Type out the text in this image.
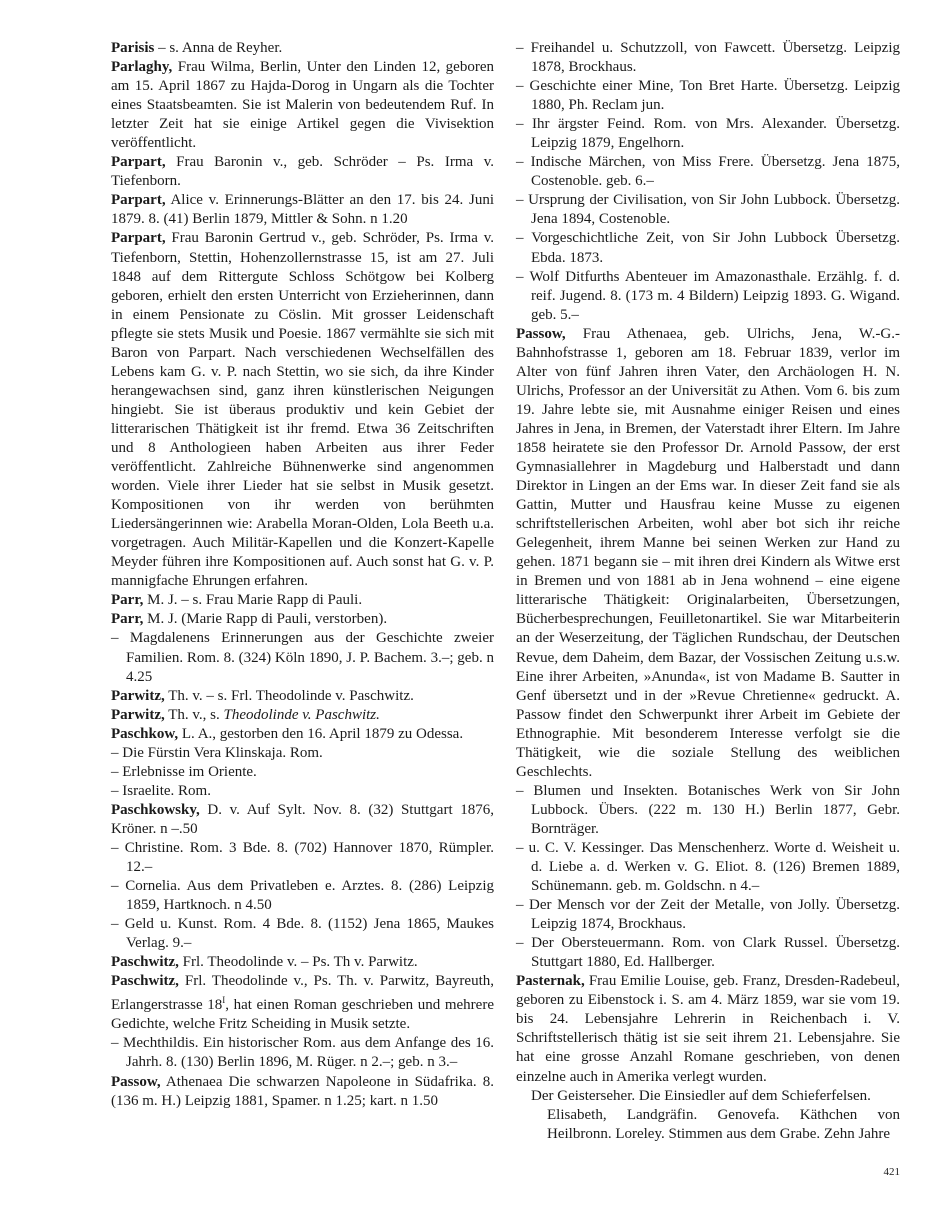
Parisis – s. Anna de Reyher.
Parlaghy, Frau Wilma, Berlin, Unter den Linden 12, geboren am 15. April 1867 zu Hajda-Dorog in Ungarn als die Tochter eines Staatsbeamten. Sie ist Malerin von bedeutendem Ruf. In letzter Zeit hat sie einige Artikel gegen die Vivisektion veröffentlicht.
Parpart, Frau Baronin v., geb. Schröder – Ps. Irma v. Tiefenborn.
Parpart, Alice v. Erinnerungs-Blätter an den 17. bis 24. Juni 1879. 8. (41) Berlin 1879, Mittler & Sohn. n 1.20
Parpart, Frau Baronin Gertrud v., geb. Schröder, Ps. Irma v. Tiefenborn, Stettin, Hohenzollernstrasse 15, ist am 27. Juli 1848 auf dem Rittergute Schloss Schötgow bei Kolberg geboren, erhielt den ersten Unterricht von Erzieherinnen, dann in einem Pensionate zu Cöslin. Mit grosser Leidenschaft pflegte sie stets Musik und Poesie. 1867 vermählte sie sich mit Baron von Parpart. Nach verschiedenen Wechselfällen des Lebens kam G. v. P. nach Stettin, wo sie sich, da ihre Kinder herangewachsen sind, ganz ihren künstlerischen Neigungen hingiebt. Sie ist überaus produktiv und kein Gebiet der litterarischen Thätigkeit ist ihr fremd. Etwa 36 Zeitschriften und 8 Anthologieen haben Arbeiten aus ihrer Feder veröffentlicht. Zahlreiche Bühnenwerke sind angenommen worden. Viele ihrer Lieder hat sie selbst in Musik gesetzt. Kompositionen von ihr werden von berühmten Liedersängerinnen wie: Arabella Moran-Olden, Lola Beeth u.a. vorgetragen. Auch Militär-Kapellen und die Konzert-Kapelle Meyder führen ihre Kompositionen auf. Auch sonst hat G. v. P. mannigfache Ehrungen erfahren.
Parr, M. J. – s. Frau Marie Rapp di Pauli.
Parr, M. J. (Marie Rapp di Pauli, verstorben).
– Magdalenens Erinnerungen aus der Geschichte zweier Familien. Rom. 8. (324) Köln 1890, J. P. Bachem. 3.–; geb. n 4.25
Parwitz, Th. v. – s. Frl. Theodolinde v. Paschwitz.
Parwitz, Th. v., s. Theodolinde v. Paschwitz.
Paschkow, L. A., gestorben den 16. April 1879 zu Odessa.
– Die Fürstin Vera Klinskaja. Rom.
– Erlebnisse im Oriente.
– Israelite. Rom.
Paschkowsky, D. v. Auf Sylt. Nov. 8. (32) Stuttgart 1876, Kröner. n –.50
– Christine. Rom. 3 Bde. 8. (702) Hannover 1870, Rümpler. 12.–
– Cornelia. Aus dem Privatleben e. Arztes. 8. (286) Leipzig 1859, Hartknoch. n 4.50
– Geld u. Kunst. Rom. 4 Bde. 8. (1152) Jena 1865, Maukes Verlag. 9.–
Paschwitz, Frl. Theodolinde v. – Ps. Th v. Parwitz.
Paschwitz, Frl. Theodolinde v., Ps. Th. v. Parwitz, Bayreuth, Erlangerstrasse $18^I$, hat einen Roman geschrieben und mehrere Gedichte, welche Fritz Scheiding in Musik setzte.
– Mechthildis. Ein historischer Rom. aus dem Anfange des 16. Jahrh. 8. (130) Berlin 1896, M. Rüger. n 2.–; geb. n 3.–
Passow, Athenaea Die schwarzen Napoleone in Südafrika. 8. (136 m. H.) Leipzig 1881, Spamer. n 1.25; kart. n 1.50
– Freihandel u. Schutzzoll, von Fawcett. Übersetzg. Leipzig 1878, Brockhaus.
– Geschichte einer Mine, Ton Bret Harte. Übersetzg. Leipzig 1880, Ph. Reclam jun.
– Ihr ärgster Feind. Rom. von Mrs. Alexander. Übersetzg. Leipzig 1879, Engelhorn.
– Indische Märchen, von Miss Frere. Übersetzg. Jena 1875, Costenoble. geb. 6.–
– Ursprung der Civilisation, von Sir John Lubbock. Übersetzg. Jena 1894, Costenoble.
– Vorgeschichtliche Zeit, von Sir John Lubbock Übersetzg. Ebda. 1873.
– Wolf Ditfurths Abenteuer im Amazonasthale. Erzählg. f. d. reif. Jugend. 8. (173 m. 4 Bildern) Leipzig 1893. G. Wigand. geb. 5.–
Passow, Frau Athenaea, geb. Ulrichs, Jena, W.-G.-Bahnhofstrasse 1, geboren am 18. Februar 1839, verlor im Alter von fünf Jahren ihren Vater, den Archäologen H. N. Ulrichs, Professor an der Universität zu Athen. Vom 6. bis zum 19. Jahre lebte sie, mit Ausnahme einiger Reisen und eines Jahres in Jena, in Bremen, der Vaterstadt ihrer Eltern. Im Jahre 1858 heiratete sie den Professor Dr. Arnold Passow, der erst Gymnasiallehrer in Magdeburg und Halberstadt und dann Direktor in Lingen an der Ems war. In dieser Zeit fand sie als Gattin, Mutter und Hausfrau keine Musse zu eigenen schriftstellerischen Arbeiten, wohl aber bot sich ihr reiche Gelegenheit, ihrem Manne bei seinen Werken zur Hand zu gehen. 1871 begann sie – mit ihren drei Kindern als Witwe erst in Bremen und von 1881 ab in Jena wohnend – eine eigene litterarische Thätigkeit: Originalarbeiten, Übersetzungen, Bücherbesprechungen, Feuilletonartikel. Sie war Mitarbeiterin an der Weserzeitung, der Täglichen Rundschau, der Deutschen Revue, dem Daheim, dem Bazar, der Vossischen Zeitung u.s.w. Eine ihrer Arbeiten, »Anunda«, ist von Madame B. Sautter in Genf übersetzt und in der »Revue Chretienne« gedruckt. A. Passow findet den Schwerpunkt ihrer Arbeit im Gebiete der Ethnographie. Mit besonderem Interesse verfolgt sie die Thätigkeit, wie die soziale Stellung des weiblichen Geschlechts.
– Blumen und Insekten. Botanisches Werk von Sir John Lubbock. Übers. (222 m. 130 H.) Berlin 1877, Gebr. Bornträger.
– u. C. V. Kessinger. Das Menschenherz. Worte d. Weisheit u. d. Liebe a. d. Werken v. G. Eliot. 8. (126) Bremen 1889, Schünemann. geb. m. Goldschn. n 4.–
– Der Mensch vor der Zeit der Metalle, von Jolly. Übersetzg. Leipzig 1874, Brockhaus.
– Der Obersteuermann. Rom. von Clark Russel. Übersetzg. Stuttgart 1880, Ed. Hallberger.
Pasternak, Frau Emilie Louise, geb. Franz, Dresden-Radebeul, geboren zu Eibenstock i. S. am 4. März 1859, war sie vom 19. bis 24. Lebensjahre Lehrerin in Reichenbach i. V. Schriftstellerisch thätig ist sie seit ihrem 21. Lebensjahre. Sie hat eine grosse Anzahl Romane geschrieben, von denen einzelne auch in Amerika verlegt wurden.
Der Geisterseher. Die Einsiedler auf dem Schieferfelsen.
Elisabeth, Landgräfin. Genovefa. Käthchen von Heilbronn. Loreley. Stimmen aus dem Grabe. Zehn Jahre
421
